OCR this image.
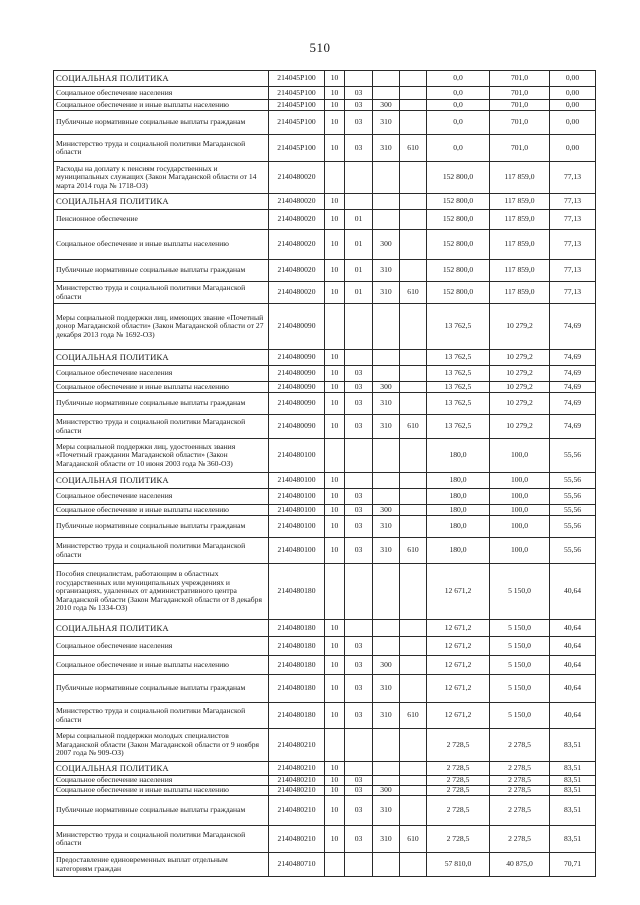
510
СОЦИАЛЬНАЯ ПОЛИТИКА	214045P100	10				0,0	701,0	0,00
Социальное обеспечение населения	214045P100	10	03			0,0	701,0	0,00
Социальное обеспечение и иные выплаты населению	214045P100	10	03	300		0,0	701,0	0,00
Публичные нормативные социальные выплаты гражданам	214045P100	10	03	310		0,0	701,0	0,00
Министерство труда и социальной политики Магаданской области	214045P100	10	03	310	610	0,0	701,0	0,00
Расходы на доплату к пенсиям государственных и муниципальных служащих (Закон Магаданской области от 14 марта 2014 года № 1718-ОЗ)	2140480020					152 800,0	117 859,0	77,13
СОЦИАЛЬНАЯ ПОЛИТИКА	2140480020	10				152 800,0	117 859,0	77,13
Пенсионное обеспечение	2140480020	10	01			152 800,0	117 859,0	77,13
Социальное обеспечение и иные выплаты населению	2140480020	10	01	300		152 800,0	117 859,0	77,13
Публичные нормативные социальные выплаты гражданам	2140480020	10	01	310		152 800,0	117 859,0	77,13
Министерство труда и социальной политики Магаданской области	2140480020	10	01	310	610	152 800,0	117 859,0	77,13
Меры социальной поддержки лиц, имеющих звание «Почетный донор Магаданской области» (Закон Магаданской области от 27 декабря 2013 года № 1692-ОЗ)	2140480090					13 762,5	10 279,2	74,69
СОЦИАЛЬНАЯ ПОЛИТИКА	2140480090	10				13 762,5	10 279,2	74,69
Социальное обеспечение населения	2140480090	10	03			13 762,5	10 279,2	74,69
Социальное обеспечение и иные выплаты населению	2140480090	10	03	300		13 762,5	10 279,2	74,69
Публичные нормативные социальные выплаты гражданам	2140480090	10	03	310		13 762,5	10 279,2	74,69
Министерство труда и социальной политики Магаданской области	2140480090	10	03	310	610	13 762,5	10 279,2	74,69
Меры социальной поддержки лиц, удостоенных звания «Почетный гражданин Магаданской области» (Закон Магаданской области от 10 июня 2003 года № 360-ОЗ)	2140480100					180,0	100,0	55,56
СОЦИАЛЬНАЯ ПОЛИТИКА	2140480100	10				180,0	100,0	55,56
Социальное обеспечение населения	2140480100	10	03			180,0	100,0	55,56
Социальное обеспечение и иные выплаты населению	2140480100	10	03	300		180,0	100,0	55,56
Публичные нормативные социальные выплаты гражданам	2140480100	10	03	310		180,0	100,0	55,56
Министерство труда и социальной политики Магаданской области	2140480100	10	03	310	610	180,0	100,0	55,56
Пособия специалистам, работающим в областных государственных или муниципальных учреждениях и организациях, удаленных от административного центра Магаданской области (Закон Магаданской области от 8 декабря 2010 года № 1334-ОЗ)	2140480180					12 671,2	5 150,0	40,64
СОЦИАЛЬНАЯ ПОЛИТИКА	2140480180	10				12 671,2	5 150,0	40,64
Социальное обеспечение населения	2140480180	10	03			12 671,2	5 150,0	40,64
Социальное обеспечение и иные выплаты населению	2140480180	10	03	300		12 671,2	5 150,0	40,64
Публичные нормативные социальные выплаты гражданам	2140480180	10	03	310		12 671,2	5 150,0	40,64
Министерство труда и социальной политики Магаданской области	2140480180	10	03	310	610	12 671,2	5 150,0	40,64
Меры социальной поддержки молодых специалистов Магаданской области (Закон Магаданской области от 9 ноября 2007 года № 909-ОЗ)	2140480210					2 728,5	2 278,5	83,51
СОЦИАЛЬНАЯ ПОЛИТИКА	2140480210	10				2 728,5	2 278,5	83,51
Социальное обеспечение населения	2140480210	10	03			2 728,5	2 278,5	83,51
Социальное обеспечение и иные выплаты населению	2140480210	10	03	300		2 728,5	2 278,5	83,51
Публичные нормативные социальные выплаты гражданам	2140480210	10	03	310		2 728,5	2 278,5	83,51
Министерство труда и социальной политики Магаданской области	2140480210	10	03	310	610	2 728,5	2 278,5	83,51
Предоставление единовременных выплат отдельным категориям граждан	2140480710					57 810,0	40 875,0	70,71
